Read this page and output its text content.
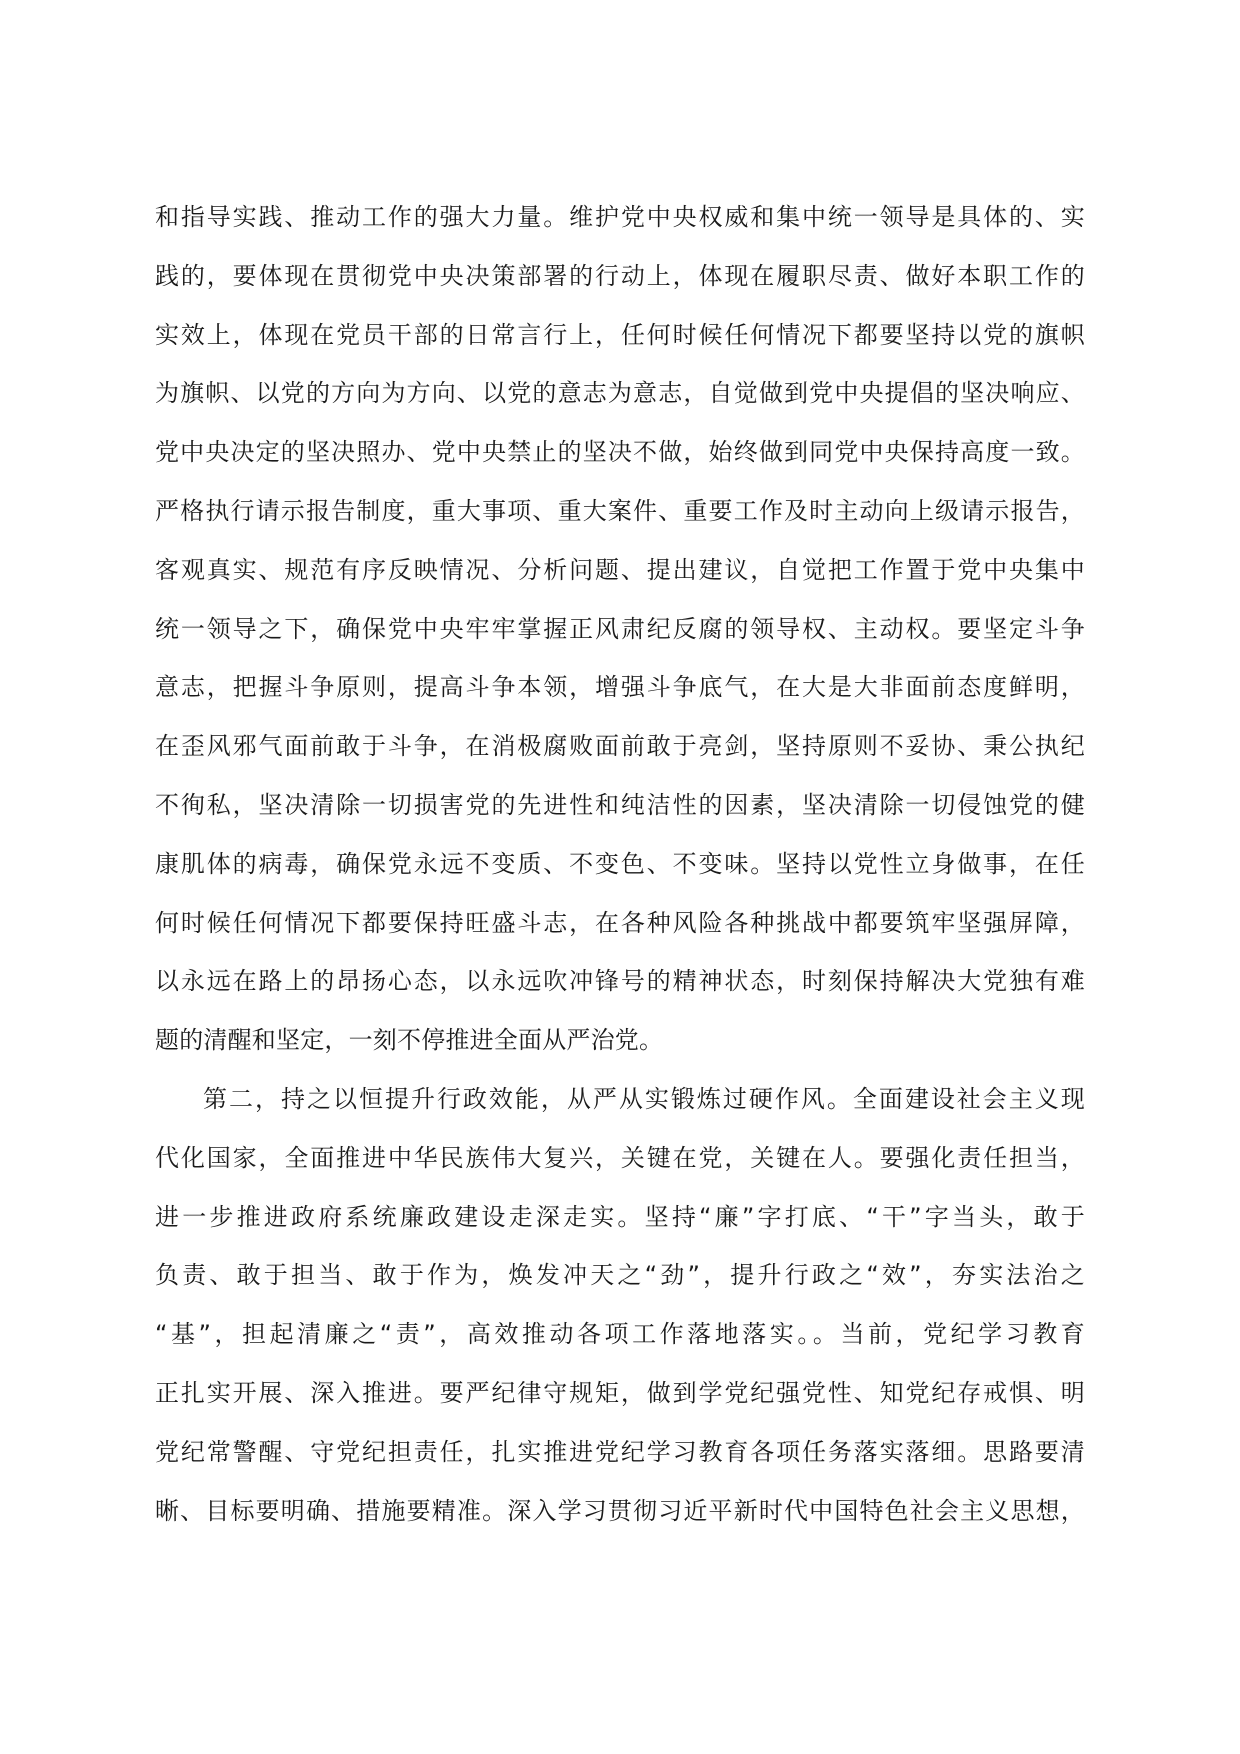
和指导实践、推动工作的强大力量。维护党中央权威和集中统一领导是具体的、实
践的，要体现在贯彻党中央决策部署的行动上，体现在履职尽责、做好本职工作的
实效上，体现在党员干部的日常言行上，任何时候任何情况下都要坚持以党的旗帜
为旗帜、以党的方向为方向、以党的意志为意志，自觉做到党中央提倡的坚决响应、
党中央决定的坚决照办、党中央禁止的坚决不做，始终做到同党中央保持高度一致。
严格执行请示报告制度，重大事项、重大案件、重要工作及时主动向上级请示报告，
客观真实、规范有序反映情况、分析问题、提出建议，自觉把工作置于党中央集中
统一领导之下，确保党中央牢牢掌握正风肃纪反腐的领导权、主动权。要坚定斗争
意志，把握斗争原则，提高斗争本领，增强斗争底气，在大是大非面前态度鲜明，
在歪风邪气面前敢于斗争，在消极腐败面前敢于亮剑，坚持原则不妥协、秉公执纪
不徇私，坚决清除一切损害党的先进性和纯洁性的因素，坚决清除一切侵蚀党的健
康肌体的病毒，确保党永远不变质、不变色、不变味。坚持以党性立身做事，在任
何时候任何情况下都要保持旺盛斗志，在各种风险各种挑战中都要筑牢坚强屏障，
以永远在路上的昂扬心态，以永远吹冲锋号的精神状态，时刻保持解决大党独有难
题的清醒和坚定，一刻不停推进全面从严治党。
第二，持之以恒提升行政效能，从严从实锻炼过硬作风。全面建设社会主义现
代化国家，全面推进中华民族伟大复兴，关键在党，关键在人。要强化责任担当，
进一步推进政府系统廉政建设走深走实。坚持“廉”字打底、“干”字当头，敢于
负责、敢于担当、敢于作为，焕发冲天之“劲”，提升行政之“效”，夯实法治之
“基”，担起清廉之“责”，高效推动各项工作落地落实。。当前，党纪学习教育
正扎实开展、深入推进。要严纪律守规矩，做到学党纪强党性、知党纪存戒惧、明
党纪常警醒、守党纪担责任，扎实推进党纪学习教育各项任务落实落细。思路要清
晰、目标要明确、措施要精准。深入学习贯彻习近平新时代中国特色社会主义思想，
